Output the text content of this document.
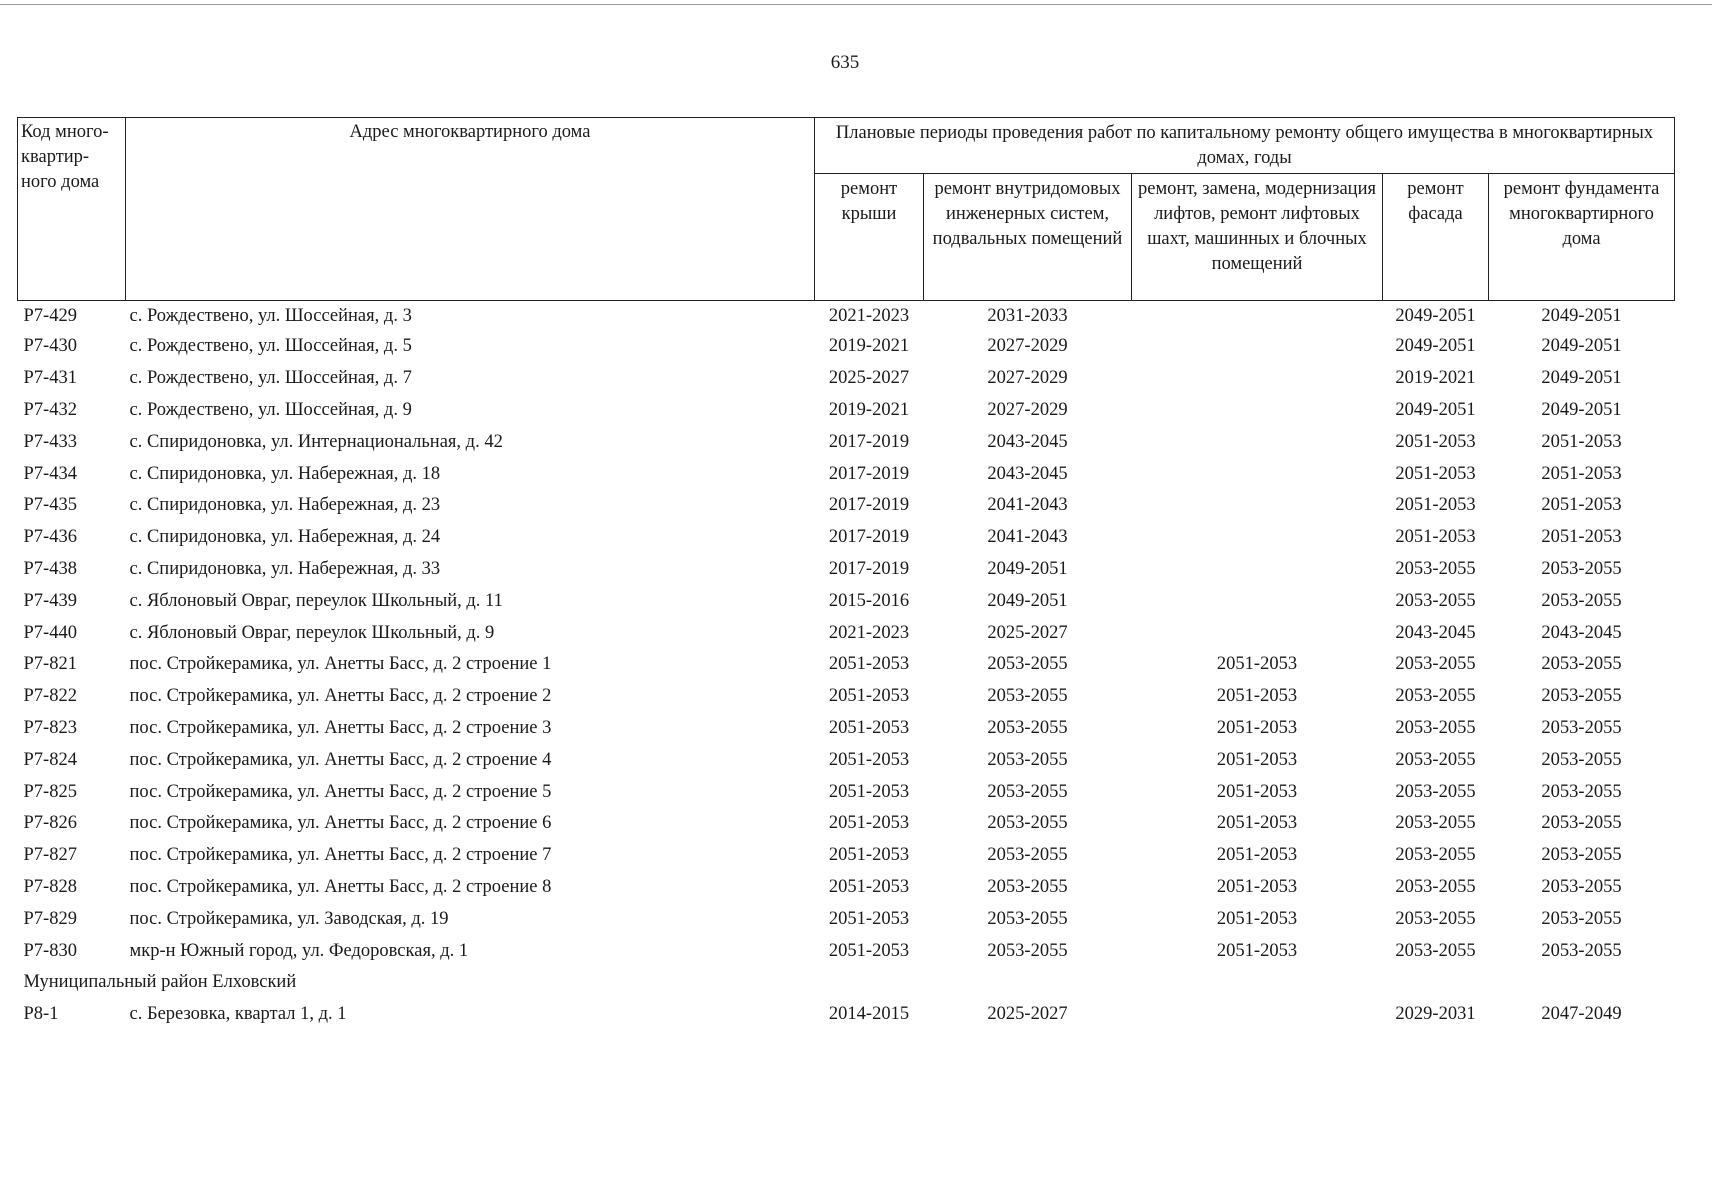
635
Код много-квартир-ного дома	Адрес многоквартирного дома	Плановые периоды проведения работ по капитальному ремонту общего имущества в многоквартирных домах, годы				
		ремонт крыши	ремонт внутридомовых инженерных систем, подвальных помещений	ремонт, замена, модернизация лифтов, ремонт лифтовых шахт, машинных и блочных помещений	ремонт фасада	ремонт фундамента многоквартирного дома
Р7-429	с. Рождествено, ул. Шоссейная, д. 3	2021-2023	2031-2033		2049-2051	2049-2051
Р7-430	с. Рождествено, ул. Шоссейная, д. 5	2019-2021	2027-2029		2049-2051	2049-2051
Р7-431	с. Рождествено, ул. Шоссейная, д. 7	2025-2027	2027-2029		2019-2021	2049-2051
Р7-432	с. Рождествено, ул. Шоссейная, д. 9	2019-2021	2027-2029		2049-2051	2049-2051
Р7-433	с. Спиридоновка, ул. Интернациональная, д. 42	2017-2019	2043-2045		2051-2053	2051-2053
Р7-434	с. Спиридоновка, ул. Набережная, д. 18	2017-2019	2043-2045		2051-2053	2051-2053
Р7-435	с. Спиридоновка, ул. Набережная, д. 23	2017-2019	2041-2043		2051-2053	2051-2053
Р7-436	с. Спиридоновка, ул. Набережная, д. 24	2017-2019	2041-2043		2051-2053	2051-2053
Р7-438	с. Спиридоновка, ул. Набережная, д. 33	2017-2019	2049-2051		2053-2055	2053-2055
Р7-439	с. Яблоновый Овраг, переулок Школьный, д. 11	2015-2016	2049-2051		2053-2055	2053-2055
Р7-440	с. Яблоновый Овраг, переулок Школьный, д. 9	2021-2023	2025-2027		2043-2045	2043-2045
Р7-821	пос. Стройкерамика, ул. Анетты Басс, д. 2 строение 1	2051-2053	2053-2055	2051-2053	2053-2055	2053-2055
Р7-822	пос. Стройкерамика, ул. Анетты Басс, д. 2 строение 2	2051-2053	2053-2055	2051-2053	2053-2055	2053-2055
Р7-823	пос. Стройкерамика, ул. Анетты Басс, д. 2 строение 3	2051-2053	2053-2055	2051-2053	2053-2055	2053-2055
Р7-824	пос. Стройкерамика, ул. Анетты Басс, д. 2 строение 4	2051-2053	2053-2055	2051-2053	2053-2055	2053-2055
Р7-825	пос. Стройкерамика, ул. Анетты Басс, д. 2 строение 5	2051-2053	2053-2055	2051-2053	2053-2055	2053-2055
Р7-826	пос. Стройкерамика, ул. Анетты Басс, д. 2 строение 6	2051-2053	2053-2055	2051-2053	2053-2055	2053-2055
Р7-827	пос. Стройкерамика, ул. Анетты Басс, д. 2 строение 7	2051-2053	2053-2055	2051-2053	2053-2055	2053-2055
Р7-828	пос. Стройкерамика, ул. Анетты Басс, д. 2 строение 8	2051-2053	2053-2055	2051-2053	2053-2055	2053-2055
Р7-829	пос. Стройкерамика, ул. Заводская, д. 19	2051-2053	2053-2055	2051-2053	2053-2055	2053-2055
Р7-830	мкр-н Южный город, ул. Федоровская, д. 1	2051-2053	2053-2055	2051-2053	2053-2055	2053-2055
Муниципальный район Елховский						
Р8-1	с. Березовка, квартал 1, д. 1	2014-2015	2025-2027		2029-2031	2047-2049
